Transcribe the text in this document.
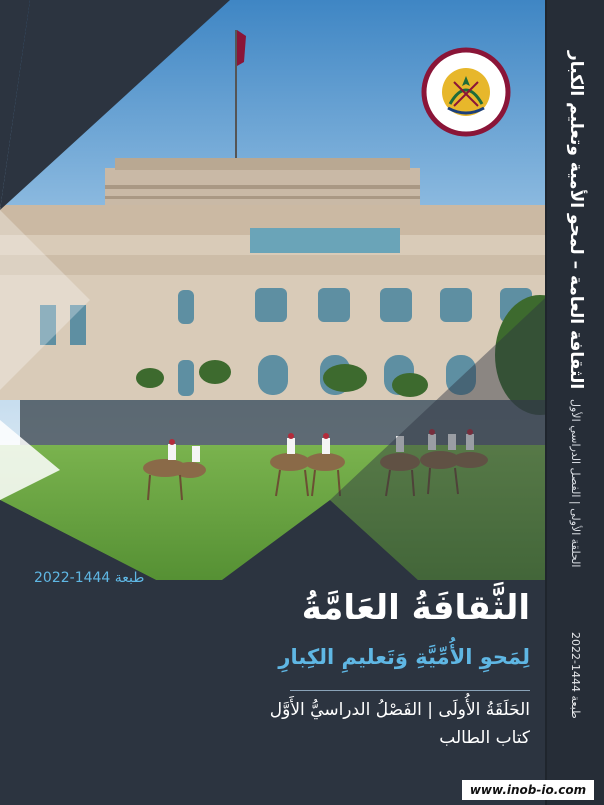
الثقافة العامة – لمحو الأمية وتعليم الكبار
الحلقة الأولى | الفصل الدراسي الأول
طبعة 1444-2022
طبعة 1444-2022
الثَّقافَةُ العَامَّةُ
لِمَحوِ الأُمِّيَّةِ وَتَعليمِ الكِبارِ
الحَلَقَةُ الأُولَى | الفَصْلُ الدراسيُّ الأَوَّل
كتاب الطالب
www.inob-io.com
